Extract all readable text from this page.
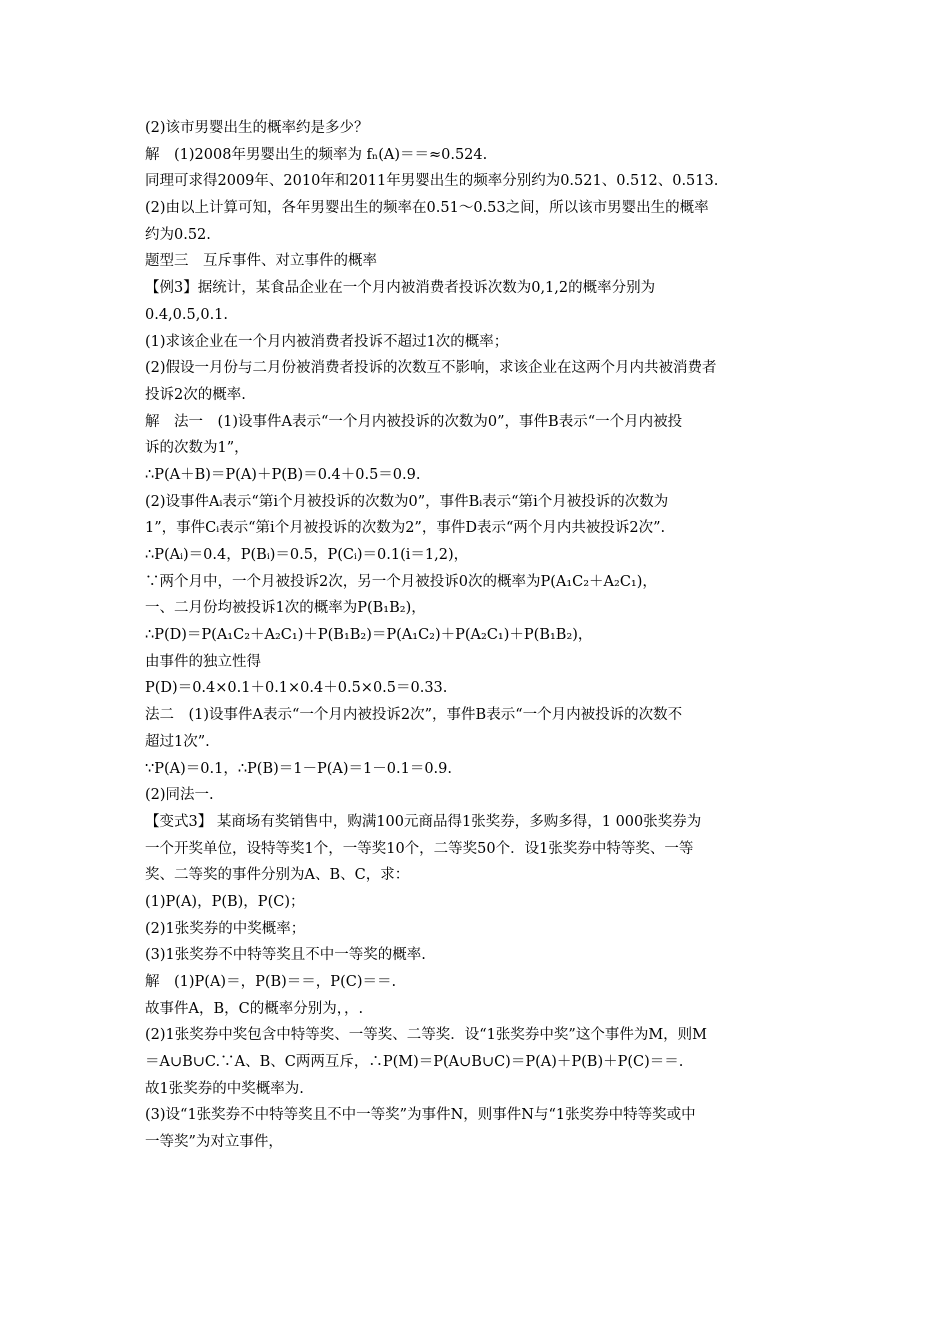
(2)该市男婴出生的概率约是多少？
解　(1)2008年男婴出生的频率为 fₙ(A)＝＝≈0.524.
同理可求得2009年、2010年和2011年男婴出生的频率分别约为0.521、0.512、0.513.
(2)由以上计算可知，各年男婴出生的频率在0.51～0.53之间，所以该市男婴出生的概率
约为0.52.
题型三　互斥事件、对立事件的概率
【例3】据统计，某食品企业在一个月内被消费者投诉次数为0,1,2的概率分别为
0.4,0.5,0.1.
(1)求该企业在一个月内被消费者投诉不超过1次的概率；
(2)假设一月份与二月份被消费者投诉的次数互不影响，求该企业在这两个月内共被消费者
投诉2次的概率.
解　法一　(1)设事件A表示“一个月内被投诉的次数为0”，事件B表示“一个月内被投
诉的次数为1”，
∴P(A＋B)＝P(A)＋P(B)＝0.4＋0.5＝0.9.
(2)设事件Aᵢ表示“第i个月被投诉的次数为0”，事件Bᵢ表示“第i个月被投诉的次数为
1”，事件Cᵢ表示“第i个月被投诉的次数为2”，事件D表示“两个月内共被投诉2次”.
∴P(Aᵢ)＝0.4，P(Bᵢ)＝0.5，P(Cᵢ)＝0.1(i＝1,2)，
∵两个月中，一个月被投诉2次，另一个月被投诉0次的概率为P(A₁C₂＋A₂C₁)，
一、二月份均被投诉1次的概率为P(B₁B₂)，
∴P(D)＝P(A₁C₂＋A₂C₁)＋P(B₁B₂)＝P(A₁C₂)＋P(A₂C₁)＋P(B₁B₂)，
由事件的独立性得
P(D)＝0.4×0.1＋0.1×0.4＋0.5×0.5＝0.33.
法二　(1)设事件A表示“一个月内被投诉2次”，事件B表示“一个月内被投诉的次数不
超过1次”.
∵P(A)＝0.1，∴P(B)＝1－P(A)＝1－0.1＝0.9.
(2)同法一.
【变式3】 某商场有奖销售中，购满100元商品得1张奖券，多购多得，1 000张奖券为
一个开奖单位，设特等奖1个，一等奖10个，二等奖50个．设1张奖券中特等奖、一等
奖、二等奖的事件分别为A、B、C，求：
(1)P(A)，P(B)，P(C)；
(2)1张奖券的中奖概率；
(3)1张奖券不中特等奖且不中一等奖的概率.
解　(1)P(A)＝，P(B)＝＝，P(C)＝＝.
故事件A，B，C的概率分别为，，.
(2)1张奖券中奖包含中特等奖、一等奖、二等奖．设“1张奖券中奖”这个事件为M，则M
＝A∪B∪C.∵A、B、C两两互斥，∴P(M)＝P(A∪B∪C)＝P(A)＋P(B)＋P(C)＝＝.
故1张奖券的中奖概率为.
(3)设“1张奖券不中特等奖且不中一等奖”为事件N，则事件N与“1张奖券中特等奖或中
一等奖”为对立事件，
